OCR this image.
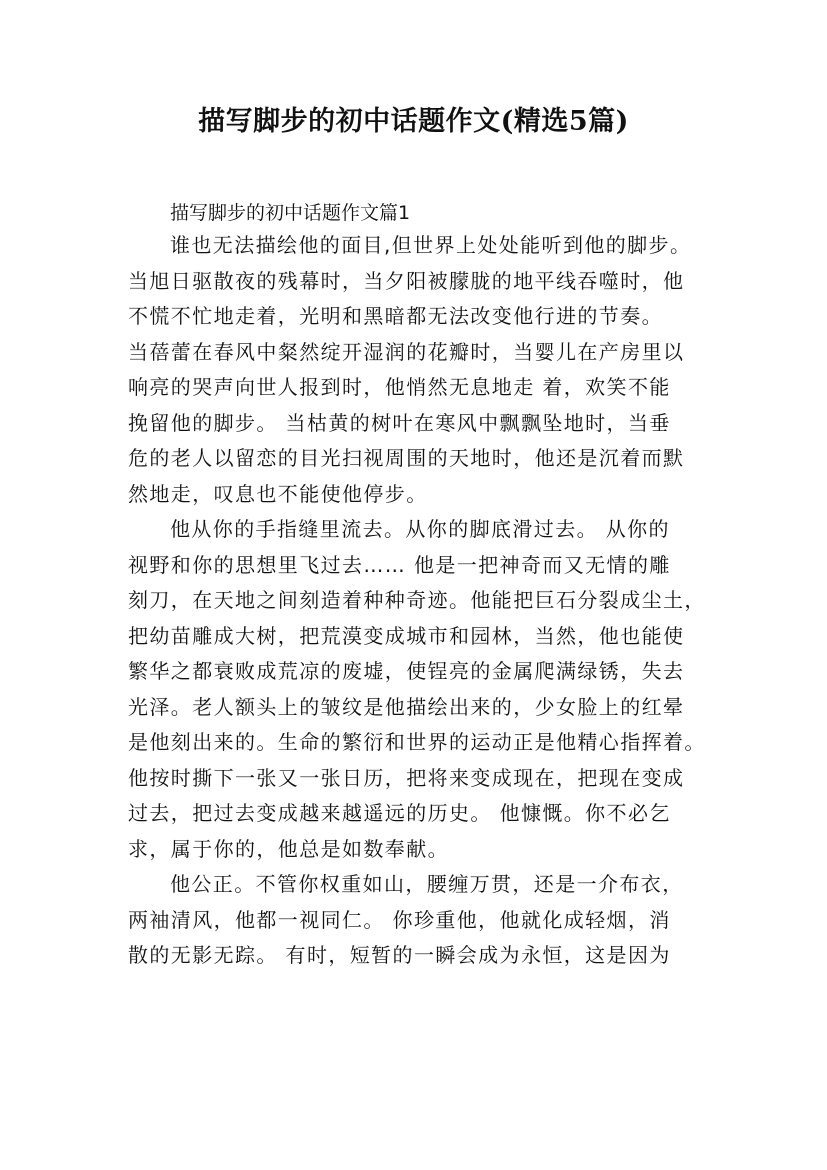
描写脚步的初中话题作文(精选5篇)

描写脚步的初中话题作文篇1

谁也无法描绘他的面目,但世界上处处能听到他的脚步。
当旭日驱散夜的残幕时，当夕阳被朦胧的地平线吞噬时，他
不慌不忙地走着，光明和黑暗都无法改变他行进的节奏。
当蓓蕾在春风中粲然绽开湿润的花瓣时，当婴儿在产房里以
响亮的哭声向世人报到时，他悄然无息地走 着，欢笑不能
挽留他的脚步。 当枯黄的树叶在寒风中飘飘坠地时，当垂
危的老人以留恋的目光扫视周围的天地时，他还是沉着而默
然地走，叹息也不能使他停步。

他从你的手指缝里流去。从你的脚底滑过去。 从你的
视野和你的思想里飞过去…… 他是一把神奇而又无情的雕
刻刀，在天地之间刻造着种种奇迹。他能把巨石分裂成尘土，
把幼苗雕成大树，把荒漠变成城市和园林，当然，他也能使
繁华之都衰败成荒凉的废墟，使锃亮的金属爬满绿锈，失去
光泽。老人额头上的皱纹是他描绘出来的，少女脸上的红晕
是他刻出来的。生命的繁衍和世界的运动正是他精心指挥着。
他按时撕下一张又一张日历，把将来变成现在，把现在变成
过去，把过去变成越来越遥远的历史。 他慷慨。你不必乞
求，属于你的，他总是如数奉献。

他公正。不管你权重如山，腰缠万贯，还是一介布衣，
两袖清风，他都一视同仁。 你珍重他，他就化成轻烟，消
散的无影无踪。 有时，短暂的一瞬会成为永恒，这是因为
